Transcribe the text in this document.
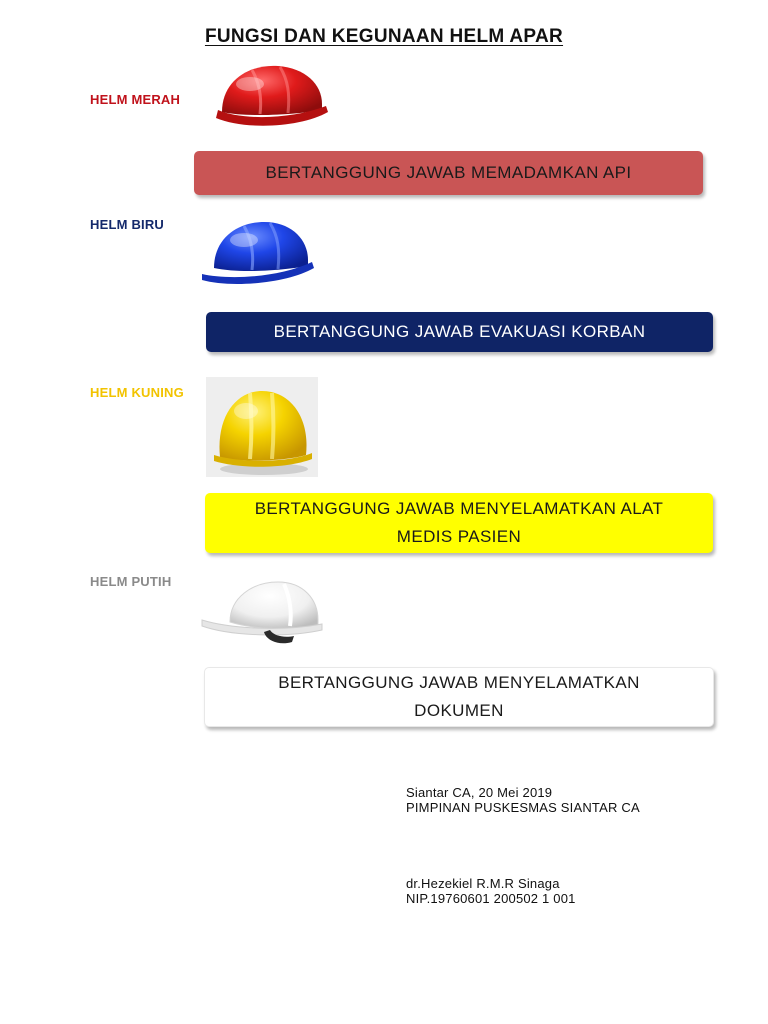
FUNGSI DAN KEGUNAAN HELM APAR
HELM MERAH
BERTANGGUNG JAWAB MEMADAMKAN API
HELM BIRU
BERTANGGUNG JAWAB EVAKUASI KORBAN
HELM KUNING
BERTANGGUNG JAWAB MENYELAMATKAN ALAT
MEDIS PASIEN
HELM PUTIH
BERTANGGUNG JAWAB MENYELAMATKAN
DOKUMEN
Siantar CA, 20 Mei 2019
PIMPINAN PUSKESMAS SIANTAR CA
dr.Hezekiel R.M.R Sinaga
NIP.19760601 200502 1 001
